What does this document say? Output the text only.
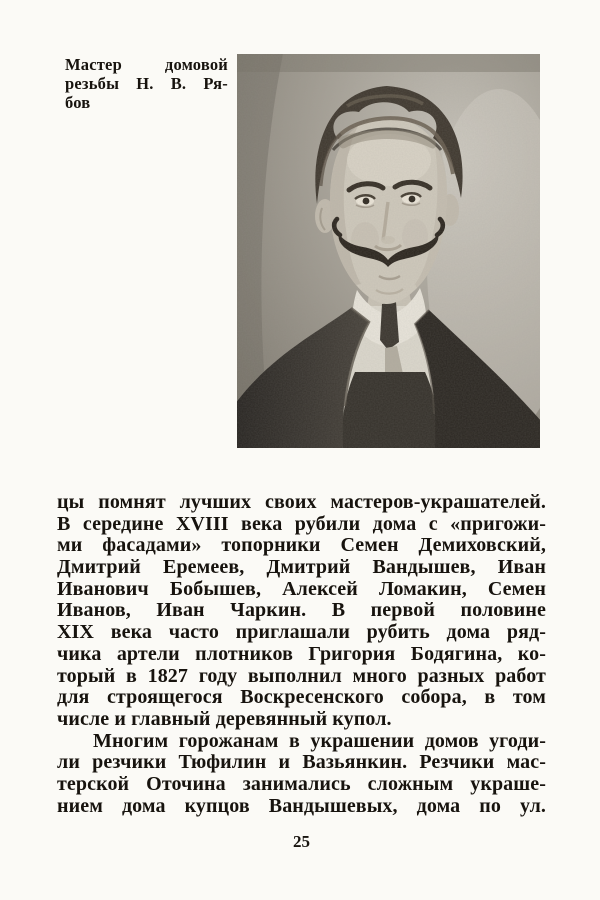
Мастер домовой
резьбы Н. В. Ря-
бов
цы помнят лучших своих мастеров-украшателей.
В середине XVIII века рубили дома с «пригожи-
ми фасадами» топорники Семен Демиховский,
Дмитрий Еремеев, Дмитрий Вандышев, Иван
Иванович Бобышев, Алексей Ломакин, Семен
Иванов, Иван Чаркин. В первой половине
XIX века часто приглашали рубить дома ряд-
чика артели плотников Григория Бодягина, ко-
торый в 1827 году выполнил много разных работ
для строящегося Воскресенского собора, в том
числе и главный деревянный купол.
Многим горожанам в украшении домов угоди-
ли резчики Тюфилин и Вазьянкин. Резчики мас-
терской Оточина занимались сложным украше-
нием дома купцов Вандышевых, дома по ул.
25
